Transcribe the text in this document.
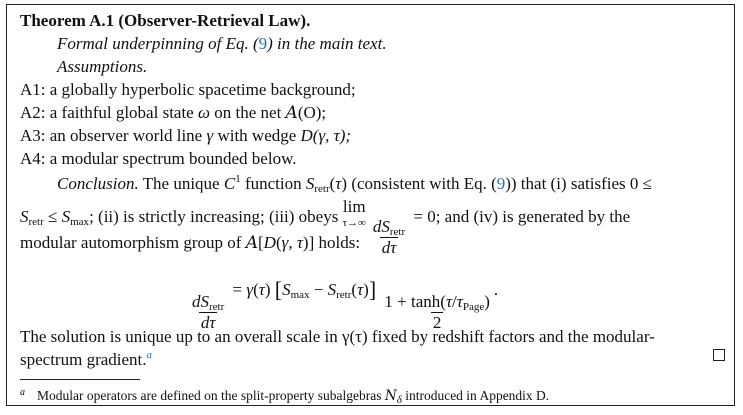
Theorem A.1 (Observer-Retrieval Law).
Formal underpinning of Eq. (9) in the main text.
Assumptions.
A1: a globally hyperbolic spacetime background;
A2: a faithful global state ω on the net A(O);
A3: an observer world line γ with wedge D(γ, τ);
A4: a modular spectrum bounded below.
Conclusion. The unique $C^1$ function $S_{retr}(\tau)$ (consistent with Eq. (9)) that (i) satisfies 0 ≤
$S_{retr} \le S_{max}$; (ii) is strictly increasing; (iii) obeys
lim
$\tau\to\infty \frac{dS_{retr}}{d\tau}$
= 0; and (iv) is generated by the
modular automorphism group of A[D(γ, τ)] holds:
$\frac{dS_{retr}}{d\tau}$
= γ(τ) $[S_{max} - S_{retr}(\tau)]$
$\frac{1 + \tanh(\tau/\tau_{Page})}{2}$
.
The solution is unique up to an overall scale in γ(τ) fixed by redshift factors and the modular-
spectrum gradient.$^a$
$^a$ Modular operators are defined on the split-property subalgebras $N_\delta$ introduced in Appendix D.
